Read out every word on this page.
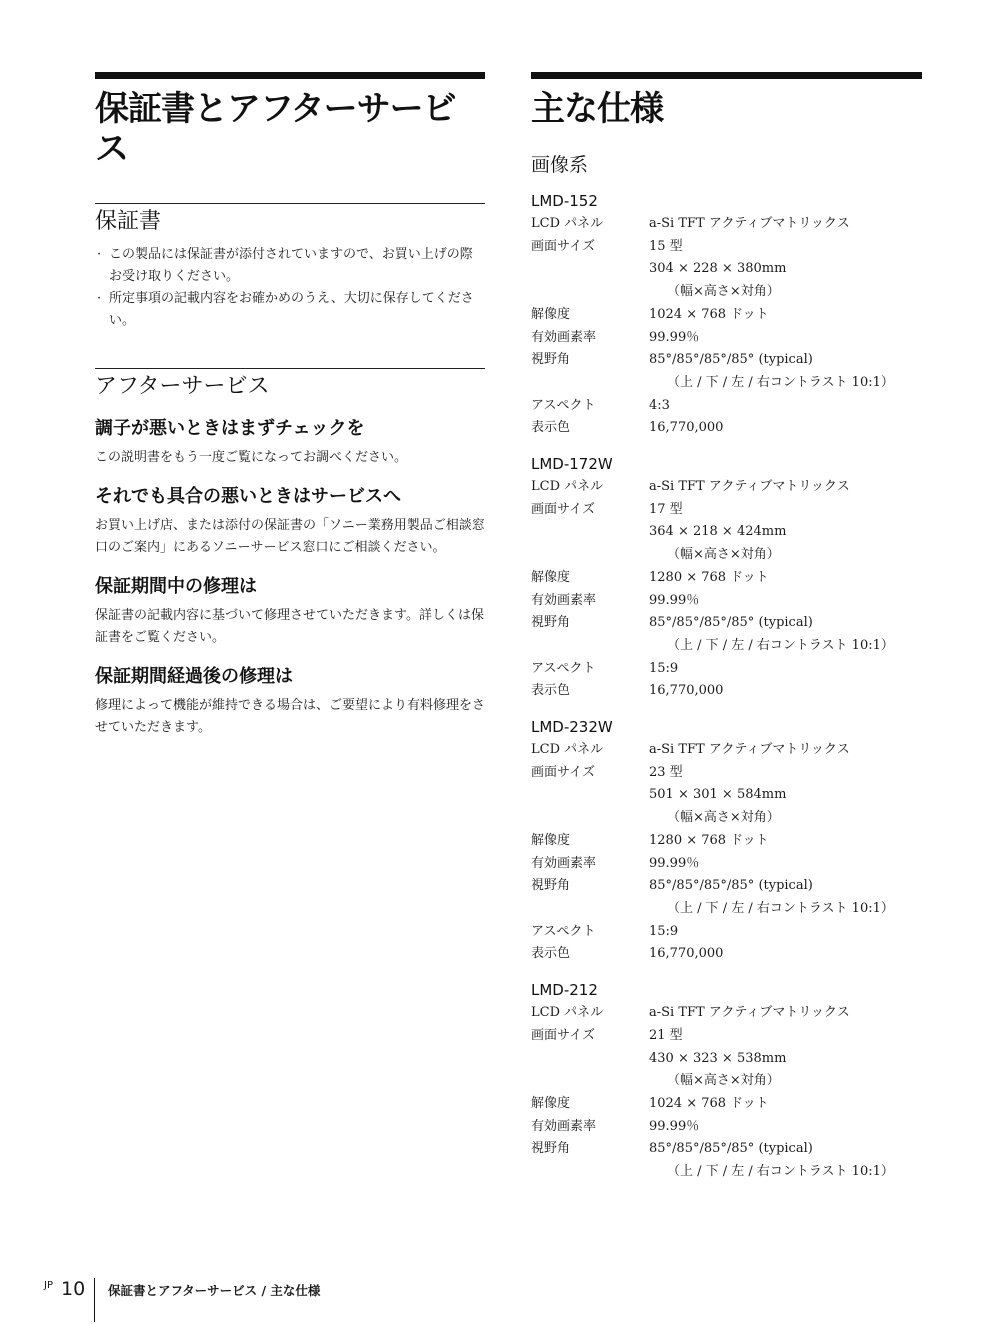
保証書とアフターサービス
保証書
· この製品には保証書が添付されていますので、お買い上げの際お受け取りください。
· 所定事項の記載内容をお確かめのうえ、大切に保存してください。
アフターサービス
調子が悪いときはまずチェックを

この説明書をもう一度ご覧になってお調べください。

それでも具合の悪いときはサービスへ

お買い上げ店、または添付の保証書の「ソニー業務用製品ご相談窓口のご案内」にあるソニーサービス窓口にご相談ください。

保証期間中の修理は

保証書の記載内容に基づいて修理させていただきます。詳しくは保証書をご覧ください。

保証期間経過後の修理は

修理によって機能が維持できる場合は、ご要望により有料修理をさせていただきます。

主な仕様
画像系
LMD-152
LCD パネル	a-Si TFT アクティブマトリックス
画面サイズ	15 型
304 × 228 × 380mm
（幅×高さ×対角）
解像度	1024 × 768 ドット
有効画素率	99.99％
視野角	85°/85°/85°/85° (typical)
（上 / 下 / 左 / 右コントラスト 10:1）
アスペクト	4:3
表示色	16,770,000
LMD-172W
LCD パネル	a-Si TFT アクティブマトリックス
画面サイズ	17 型
364 × 218 × 424mm
（幅×高さ×対角）
解像度	1280 × 768 ドット
有効画素率	99.99％
視野角	85°/85°/85°/85° (typical)
（上 / 下 / 左 / 右コントラスト 10:1）
アスペクト	15:9
表示色	16,770,000
LMD-232W
LCD パネル	a-Si TFT アクティブマトリックス
画面サイズ	23 型
501 × 301 × 584mm
（幅×高さ×対角）
解像度	1280 × 768 ドット
有効画素率	99.99％
視野角	85°/85°/85°/85° (typical)
（上 / 下 / 左 / 右コントラスト 10:1）
アスペクト	15:9
表示色	16,770,000
LMD-212
LCD パネル	a-Si TFT アクティブマトリックス
画面サイズ	21 型
430 × 323 × 538mm
（幅×高さ×対角）
解像度	1024 × 768 ドット
有効画素率	99.99％
視野角	85°/85°/85°/85° (typical)
（上 / 下 / 左 / 右コントラスト 10:1）
JP 10 保証書とアフターサービス / 主な仕様
